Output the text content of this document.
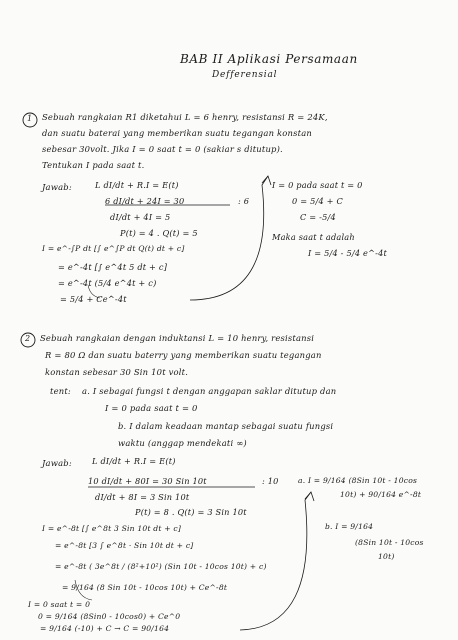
BAB II Aplikasi Persamaan
Defferensial
1 Sebuah rangkaian R1 diketahui L = 6 henry, resistansi R = 24K,
dan suatu baterai yang memberikan suatu tegangan konstan
sebesar 30volt. Jika I = 0 saat t = 0 (sakiar s ditutup).
Tentukan I pada saat t.
Jawab:	L dI/dt + R.I = E(t)
6 dI/dt + 24I = 30	: 6
dI/dt + 4I = 5
P(t) = 4 . Q(t) = 5
I = e^-∫P dt [∫ e^∫P dt Q(t) dt + c]
= e^-4t [∫ e^4t 5 dt + c]
= e^-4t (5/4 e^4t + c)
= 5/4 + Ce^-4t
I = 0 pada saat t = 0
0 = 5/4 + C
C = -5/4
Maka saat t adalah
I = 5/4 - 5/4 e^-4t
2 Sebuah rangkaian dengan induktansi L = 10 henry, resistansi
R = 80 Ω dan suatu baterry yang memberikan suatu tegangan
konstan sebesar 30 Sin 10t volt.
tent: a. I sebagai fungsi t dengan anggapan saklar ditutup dan
I = 0 pada saat t = 0
b. I dalam keadaan mantap sebagai suatu fungsi
waktu (anggap mendekati ∞)
Jawab: L dI/dt + R.I = E(t)
10 dI/dt + 80I = 30 Sin 10t	: 10
dI/dt + 8I = 3 Sin 10t
P(t) = 8 . Q(t) = 3 Sin 10t
I = e^-8t [∫ e^8t 3 Sin 10t dt + c]
= e^-8t [3 ∫ e^8t · Sin 10t dt + c]
= e^-8t ( 3e^8t / (8²+10²) (Sin 10t - 10cos 10t) + c)
= 9/164 (8 Sin 10t - 10cos 10t) + Ce^-8t
a. I = 9/164 (8Sin 10t - 10cos
10t) + 90/164 e^-8t
b. I = 9/164
(8Sin 10t - 10cos
10t)
I = 0 saat t = 0
0 = 9/164 (8Sin0 - 10cos0) + Ce^0
= 9/164 (-10) + C → C = 90/164
